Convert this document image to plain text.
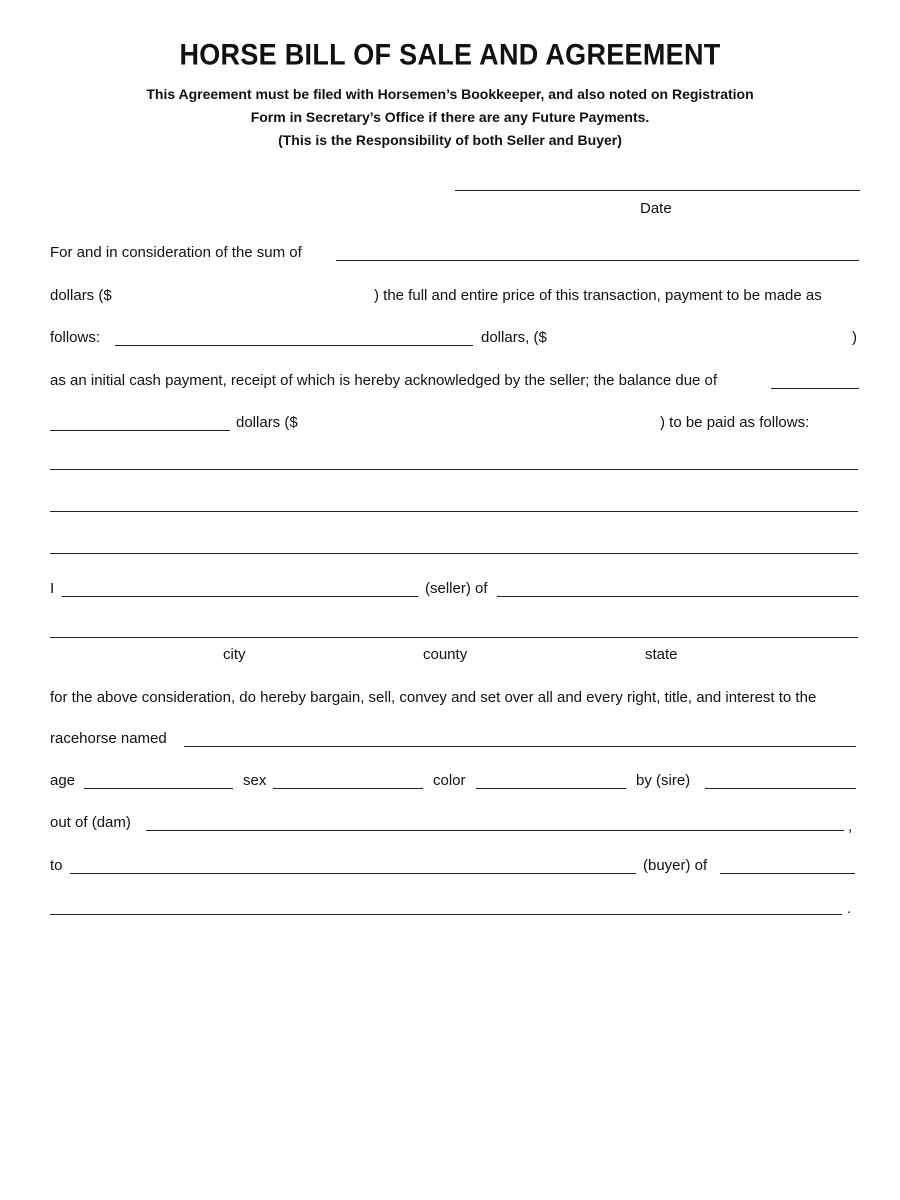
HORSE BILL OF SALE AND AGREEMENT
This Agreement must be filed with Horsemen’s Bookkeeper, and also noted on Registration
Form in Secretary’s Office if there are any Future Payments.
(This is the Responsibility of both Seller and Buyer)
Date
For and in consideration of the sum of
dollars ($	) the full and entire price of this transaction, payment to be made as
follows:	dollars, ($	)
as an initial cash payment, receipt of which is hereby acknowledged by the seller; the balance due of
dollars ($	) to be paid as follows:
I	(seller) of
city	county	state
for the above consideration, do hereby bargain, sell, convey and set over all and every right, title, and interest to the
racehorse named
age	sex	color	by (sire)
out of (dam)	,
to	(buyer) of
.
